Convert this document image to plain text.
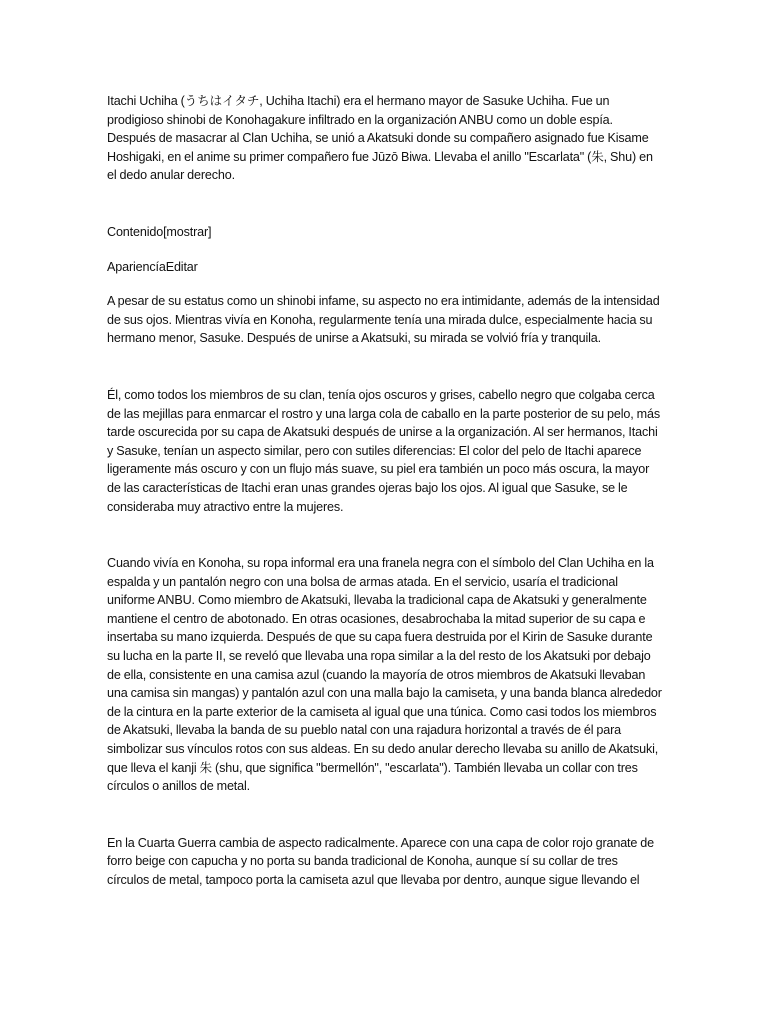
Itachi Uchiha (うちはイタチ, Uchiha Itachi) era el hermano mayor de Sasuke Uchiha. Fue un prodigioso shinobi de Konohagakure infiltrado en la organización ANBU como un doble espía. Después de masacrar al Clan Uchiha, se unió a Akatsuki donde su compañero asignado fue Kisame Hoshigaki, en el anime su primer compañero fue Jūzō Biwa. Llevaba el anillo "Escarlata" (朱, Shu) en el dedo anular derecho.

Contenido[mostrar]

ApariencíaEditar

A pesar de su estatus como un shinobi infame, su aspecto no era intimidante, además de la intensidad de sus ojos. Mientras vivía en Konoha, regularmente tenía una mirada dulce, especialmente hacia su hermano menor, Sasuke. Después de unirse a Akatsuki, su mirada se volvió fría y tranquila.

Él, como todos los miembros de su clan, tenía ojos oscuros y grises, cabello negro que colgaba cerca de las mejillas para enmarcar el rostro y una larga cola de caballo en la parte posterior de su pelo, más tarde oscurecida por su capa de Akatsuki después de unirse a la organización. Al ser hermanos, Itachi y Sasuke, tenían un aspecto similar, pero con sutiles diferencias: El color del pelo de Itachi aparece ligeramente más oscuro y con un flujo más suave, su piel era también un poco más oscura, la mayor de las características de Itachi eran unas grandes ojeras bajo los ojos. Al igual que Sasuke, se le consideraba muy atractivo entre la mujeres.

Cuando vivía en Konoha, su ropa informal era una franela negra con el símbolo del Clan Uchiha en la espalda y un pantalón negro con una bolsa de armas atada. En el servicio, usaría el tradicional uniforme ANBU. Como miembro de Akatsuki, llevaba la tradicional capa de Akatsuki y generalmente mantiene el centro de abotonado. En otras ocasiones, desabrochaba la mitad superior de su capa e insertaba su mano izquierda. Después de que su capa fuera destruida por el Kirin de Sasuke durante su lucha en la parte II, se reveló que llevaba una ropa similar a la del resto de los Akatsuki por debajo de ella, consistente en una camisa azul (cuando la mayoría de otros miembros de Akatsuki llevaban una camisa sin mangas) y pantalón azul con una malla bajo la camiseta, y una banda blanca alrededor de la cintura en la parte exterior de la camiseta al igual que una túnica. Como casi todos los miembros de Akatsuki, llevaba la banda de su pueblo natal con una rajadura horizontal a través de él para simbolizar sus vínculos rotos con sus aldeas. En su dedo anular derecho llevaba su anillo de Akatsuki, que lleva el kanji 朱 (shu, que significa "bermellón", "escarlata"). También llevaba un collar con tres círculos o anillos de metal.

En la Cuarta Guerra cambia de aspecto radicalmente. Aparece con una capa de color rojo granate de forro beige con capucha y no porta su banda tradicional de Konoha, aunque sí su collar de tres círculos de metal, tampoco porta la camiseta azul que llevaba por dentro, aunque sigue llevando el
